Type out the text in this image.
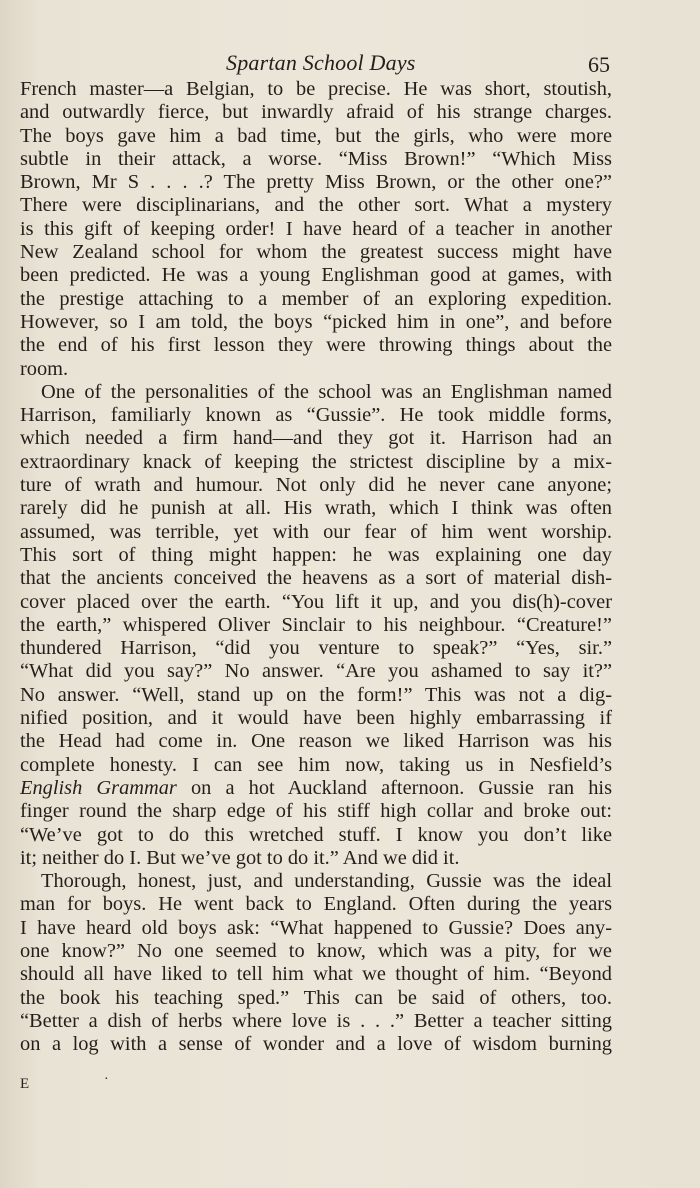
Spartan School Days	65
French master—a Belgian, to be precise. He was short, stoutish,
and outwardly fierce, but inwardly afraid of his strange charges.
The boys gave him a bad time, but the girls, who were more
subtle in their attack, a worse. “Miss Brown!” “Which Miss
Brown, Mr S . . . .? The pretty Miss Brown, or the other one?”
There were disciplinarians, and the other sort. What a mystery
is this gift of keeping order! I have heard of a teacher in another
New Zealand school for whom the greatest success might have
been predicted. He was a young Englishman good at games, with
the prestige attaching to a member of an exploring expedition.
However, so I am told, the boys “picked him in one”, and before
the end of his first lesson they were throwing things about the
room.
One of the personalities of the school was an Englishman named
Harrison, familiarly known as “Gussie”. He took middle forms,
which needed a firm hand—and they got it. Harrison had an
extraordinary knack of keeping the strictest discipline by a mix-
ture of wrath and humour. Not only did he never cane anyone;
rarely did he punish at all. His wrath, which I think was often
assumed, was terrible, yet with our fear of him went worship.
This sort of thing might happen: he was explaining one day
that the ancients conceived the heavens as a sort of material dish-
cover placed over the earth. “You lift it up, and you dis(h)-cover
the earth,” whispered Oliver Sinclair to his neighbour. “Creature!”
thundered Harrison, “did you venture to speak?” “Yes, sir.”
“What did you say?” No answer. “Are you ashamed to say it?”
No answer. “Well, stand up on the form!” This was not a dig-
nified position, and it would have been highly embarrassing if
the Head had come in. One reason we liked Harrison was his
complete honesty. I can see him now, taking us in Nesfield’s
English Grammar on a hot Auckland afternoon. Gussie ran his
finger round the sharp edge of his stiff high collar and broke out:
“We’ve got to do this wretched stuff. I know you don’t like
it; neither do I. But we’ve got to do it.” And we did it.
Thorough, honest, just, and understanding, Gussie was the ideal
man for boys. He went back to England. Often during the years
I have heard old boys ask: “What happened to Gussie? Does any-
one know?” No one seemed to know, which was a pity, for we
should all have liked to tell him what we thought of him. “Beyond
the book his teaching sped.” This can be said of others, too.
“Better a dish of herbs where love is . . .” Better a teacher sitting
on a log with a sense of wonder and a love of wisdom burning
E	·
